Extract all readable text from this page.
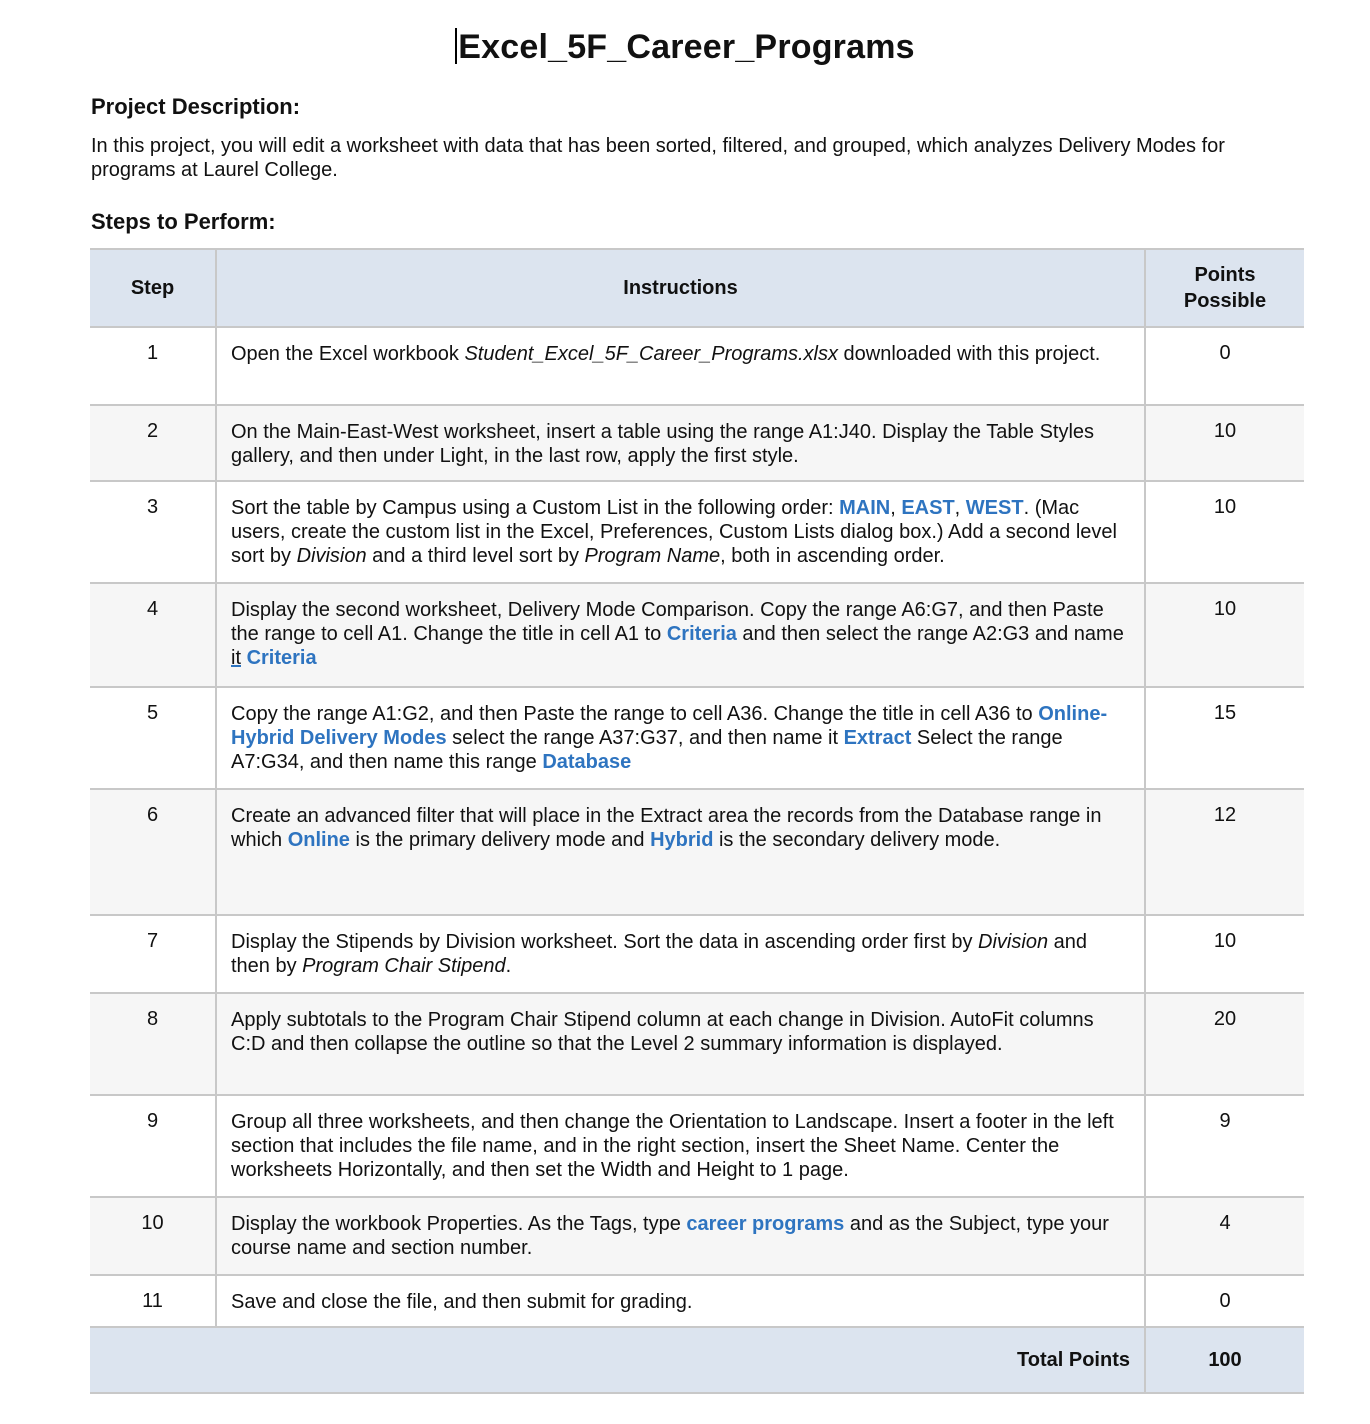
Excel_5F_Career_Programs
Project Description:
In this project, you will edit a worksheet with data that has been sorted, filtered, and grouped, which analyzes Delivery Modes for programs at Laurel College.
Steps to Perform:
Step	Instructions	Points
Possible
1	Open the Excel workbook Student_Excel_5F_Career_Programs.xlsx downloaded with this project.	0
2	On the Main-East-West worksheet, insert a table using the range A1:J40. Display the Table Styles gallery, and then under Light, in the last row, apply the first style.	10
3	Sort the table by Campus using a Custom List in the following order: MAIN, EAST, WEST. (Mac users, create the custom list in the Excel, Preferences, Custom Lists dialog box.) Add a second level sort by Division and a third level sort by Program Name, both in ascending order.	10
4	Display the second worksheet, Delivery Mode Comparison. Copy the range A6:G7, and then Paste the range to cell A1. Change the title in cell A1 to Criteria and then select the range A2:G3 and name it Criteria	10
5	Copy the range A1:G2, and then Paste the range to cell A36. Change the title in cell A36 to Online-Hybrid Delivery Modes select the range A37:G37, and then name it Extract Select the range A7:G34, and then name this range Database	15
6	Create an advanced filter that will place in the Extract area the records from the Database range in which Online is the primary delivery mode and Hybrid is the secondary delivery mode.	12
7	Display the Stipends by Division worksheet. Sort the data in ascending order first by Division and then by Program Chair Stipend.	10
8	Apply subtotals to the Program Chair Stipend column at each change in Division. AutoFit columns C:D and then collapse the outline so that the Level 2 summary information is displayed.	20
9	Group all three worksheets, and then change the Orientation to Landscape. Insert a footer in the left section that includes the file name, and in the right section, insert the Sheet Name. Center the worksheets Horizontally, and then set the Width and Height to 1 page.	9
10	Display the workbook Properties. As the Tags, type career programs and as the Subject, type your course name and section number.	4
11	Save and close the file, and then submit for grading.	0
Total Points		100
